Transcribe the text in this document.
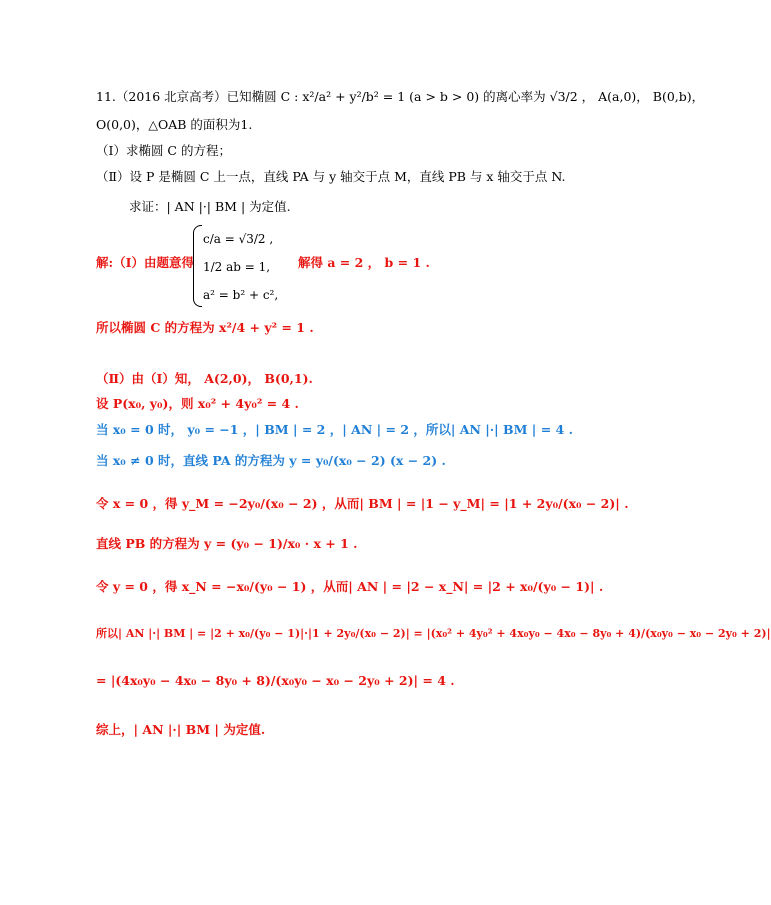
11.（2016 北京高考）已知椭圆 C : x²/a² + y²/b² = 1 (a > b > 0) 的离心率为 √3/2 ， A(a,0)， B(0,b)，
O(0,0)，△OAB 的面积为1.
（Ⅰ）求椭圆 C 的方程；
（Ⅱ）设 P 是椭圆 C 上一点，直线 PA 与 y 轴交于点 M，直线 PB 与 x 轴交于点 N.
求证：| AN |·| BM | 为定值.
解:（Ⅰ）由题意得
c/a = √3/2 ,
1/2 ab = 1,
a² = b² + c²,
解得 a = 2 ， b = 1 .
所以椭圆 C 的方程为 x²/4 + y² = 1 .
（Ⅱ）由（Ⅰ）知， A(2,0)， B(0,1).
设 P(x₀, y₀)，则 x₀² + 4y₀² = 4 .
当 x₀ = 0 时， y₀ = −1 ，| BM | = 2 ，| AN | = 2 ，所以| AN |·| BM | = 4 .
当 x₀ ≠ 0 时，直线 PA 的方程为 y = y₀/(x₀ − 2) (x − 2) .
令 x = 0 ，得 y_M = −2y₀/(x₀ − 2) ，从而| BM | = |1 − y_M| = |1 + 2y₀/(x₀ − 2)| .
直线 PB 的方程为 y = (y₀ − 1)/x₀ · x + 1 .
令 y = 0 ，得 x_N = −x₀/(y₀ − 1) ，从而| AN | = |2 − x_N| = |2 + x₀/(y₀ − 1)| .
所以| AN |·| BM | = |2 + x₀/(y₀ − 1)|·|1 + 2y₀/(x₀ − 2)| = |(x₀² + 4y₀² + 4x₀y₀ − 4x₀ − 8y₀ + 4)/(x₀y₀ − x₀ − 2y₀ + 2)|
= |(4x₀y₀ − 4x₀ − 8y₀ + 8)/(x₀y₀ − x₀ − 2y₀ + 2)| = 4 .
综上，| AN |·| BM | 为定值.
